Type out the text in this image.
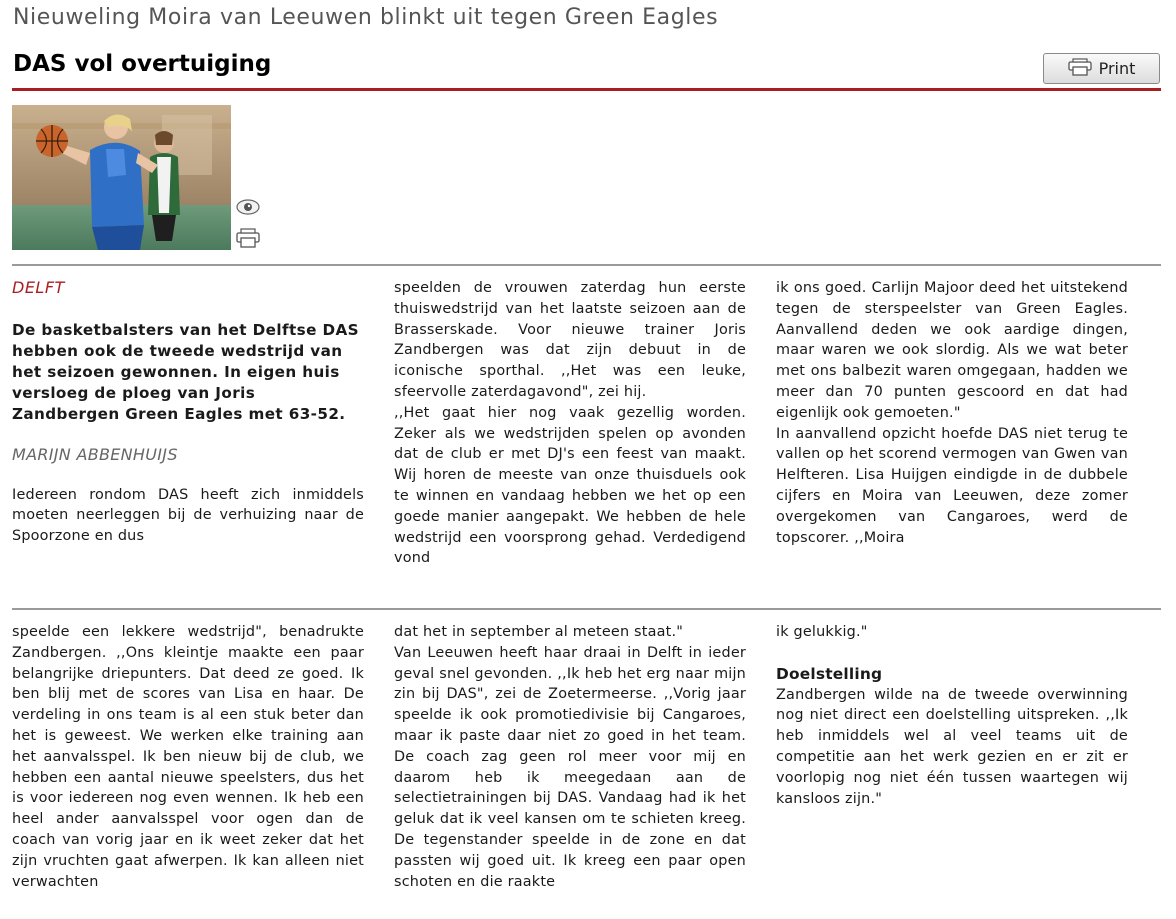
Nieuweling Moira van Leeuwen blinkt uit tegen Green Eagles
DAS vol overtuiging	Print

DELFT

De basketbalsters van het Delftse DAS hebben ook de tweede wedstrijd van het seizoen gewonnen. In eigen huis versloeg de ploeg van Joris Zandbergen Green Eagles met 63-52.

MARIJN ABBENHUIJS

Iedereen rondom DAS heeft zich inmiddels moeten neerleggen bij de verhuizing naar de Spoorzone en dus

speelden de vrouwen zaterdag hun eerste thuiswedstrijd van het laatste seizoen aan de Brasserskade. Voor nieuwe trainer Joris Zandbergen was dat zijn debuut in de iconische sporthal. ,,Het was een leuke, sfeervolle zaterdagavond", zei hij.

,,Het gaat hier nog vaak gezellig worden. Zeker als we wedstrijden spelen op avonden dat de club er met DJ's een feest van maakt. Wij horen de meeste van onze thuisduels ook te winnen en vandaag hebben we het op een goede manier aangepakt. We hebben de hele wedstrijd een voorsprong gehad. Verdedigend vond

ik ons goed. Carlijn Majoor deed het uitstekend tegen de sterspeelster van Green Eagles. Aanvallend deden we ook aardige dingen, maar waren we ook slordig. Als we wat beter met ons balbezit waren omgegaan, hadden we meer dan 70 punten gescoord en dat had eigenlijk ook gemoeten."

In aanvallend opzicht hoefde DAS niet terug te vallen op het scorend vermogen van Gwen van Helfteren. Lisa Huijgen eindigde in de dubbele cijfers en Moira van Leeuwen, deze zomer overgekomen van Cangaroes, werd de topscorer. ,,Moira

speelde een lekkere wedstrijd", benadrukte Zandbergen. ,,Ons kleintje maakte een paar belangrijke driepunters. Dat deed ze goed. Ik ben blij met de scores van Lisa en haar. De verdeling in ons team is al een stuk beter dan het is geweest. We werken elke training aan het aanvalsspel. Ik ben nieuw bij de club, we hebben een aantal nieuwe speelsters, dus het is voor iedereen nog even wennen. Ik heb een heel ander aanvalsspel voor ogen dan de coach van vorig jaar en ik weet zeker dat het zijn vruchten gaat afwerpen. Ik kan alleen niet verwachten

dat het in september al meteen staat."

Van Leeuwen heeft haar draai in Delft in ieder geval snel gevonden. ,,Ik heb het erg naar mijn zin bij DAS", zei de Zoetermeerse. ,,Vorig jaar speelde ik ook promotiedivisie bij Cangaroes, maar ik paste daar niet zo goed in het team. De coach zag geen rol meer voor mij en daarom heb ik meegedaan aan de selectietrainingen bij DAS. Vandaag had ik het geluk dat ik veel kansen om te schieten kreeg. De tegenstander speelde in de zone en dat passten wij goed uit. Ik kreeg een paar open schoten en die raakte

ik gelukkig."

Doelstelling

Zandbergen wilde na de tweede overwinning nog niet direct een doelstelling uitspreken. ,,Ik heb inmiddels wel al veel teams uit de competitie aan het werk gezien en er zit er voorlopig nog niet één tussen waartegen wij kansloos zijn."
